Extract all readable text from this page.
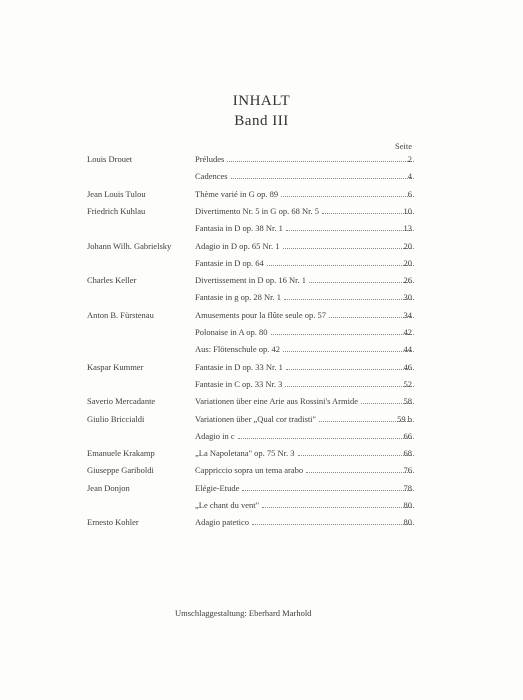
INHALT
Band III
Seite
Louis Drouet	Préludes	2
Cadences	4
Jean Louis Tulou	Thème varié in G op. 89	6
Friedrich Kuhlau	Divertimento Nr. 5 in G op. 68 Nr. 5	10
Fantasia in D op. 38 Nr. 1	13
Johann Wilh. Gabrielsky	Adagio in D op. 65 Nr. 1	20
Fantasie in D op. 64	20
Charles Keller	Divertissement in D op. 16 Nr. 1	26
Fantasie in g op. 28 Nr. 1	30
Anton B. Fürstenau	Amusements pour la flûte seule op. 57	34
Polonaise in A op. 80	42
Aus: Flötenschule op. 42	44
Kaspar Kummer	Fantasie in D op. 33 Nr. 1	46
Fantasie in C op. 33 Nr. 3	52
Saverio Mercadante	Variationen über eine Arie aus Rossini's Armide	58
Giulio Briccialdi	Variationen über „Qual cor tradisti"	59 b
Adagio in c	66
Emanuele Krakamp	„La Napoletana" op. 75 Nr. 3	68
Giuseppe Gariboldi	Cappriccio sopra un tema arabo	76
Jean Donjon	Elégie-Etude	78
„Le chant du vent"	80
Ernesto Kohler	Adagio patetico	80
Umschlaggestaltung: Eberhard Marhold
